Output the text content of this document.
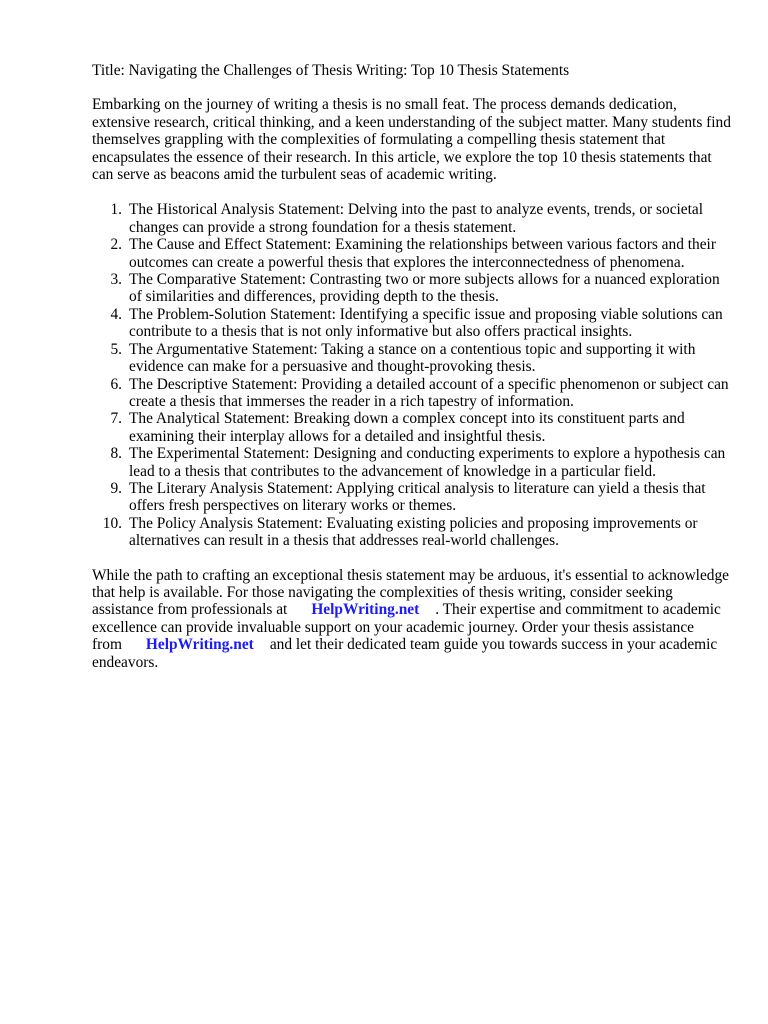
Title: Navigating the Challenges of Thesis Writing: Top 10 Thesis Statements

Embarking on the journey of writing a thesis is no small feat. The process demands dedication, extensive research, critical thinking, and a keen understanding of the subject matter. Many students find themselves grappling with the complexities of formulating a compelling thesis statement that encapsulates the essence of their research. In this article, we explore the top 10 thesis statements that can serve as beacons amid the turbulent seas of academic writing.

1. The Historical Analysis Statement: Delving into the past to analyze events, trends, or societal changes can provide a strong foundation for a thesis statement.
2. The Cause and Effect Statement: Examining the relationships between various factors and their outcomes can create a powerful thesis that explores the interconnectedness of phenomena.
3. The Comparative Statement: Contrasting two or more subjects allows for a nuanced exploration of similarities and differences, providing depth to the thesis.
4. The Problem-Solution Statement: Identifying a specific issue and proposing viable solutions can contribute to a thesis that is not only informative but also offers practical insights.
5. The Argumentative Statement: Taking a stance on a contentious topic and supporting it with evidence can make for a persuasive and thought-provoking thesis.
6. The Descriptive Statement: Providing a detailed account of a specific phenomenon or subject can create a thesis that immerses the reader in a rich tapestry of information.
7. The Analytical Statement: Breaking down a complex concept into its constituent parts and examining their interplay allows for a detailed and insightful thesis.
8. The Experimental Statement: Designing and conducting experiments to explore a hypothesis can lead to a thesis that contributes to the advancement of knowledge in a particular field.
9. The Literary Analysis Statement: Applying critical analysis to literature can yield a thesis that offers fresh perspectives on literary works or themes.
10. The Policy Analysis Statement: Evaluating existing policies and proposing improvements or alternatives can result in a thesis that addresses real-world challenges.

While the path to crafting an exceptional thesis statement may be arduous, it's essential to acknowledge that help is available. For those navigating the complexities of thesis writing, consider seeking assistance from professionals at HelpWriting.net . Their expertise and commitment to academic excellence can provide invaluable support on your academic journey. Order your thesis assistance from HelpWriting.net and let their dedicated team guide you towards success in your academic endeavors.
